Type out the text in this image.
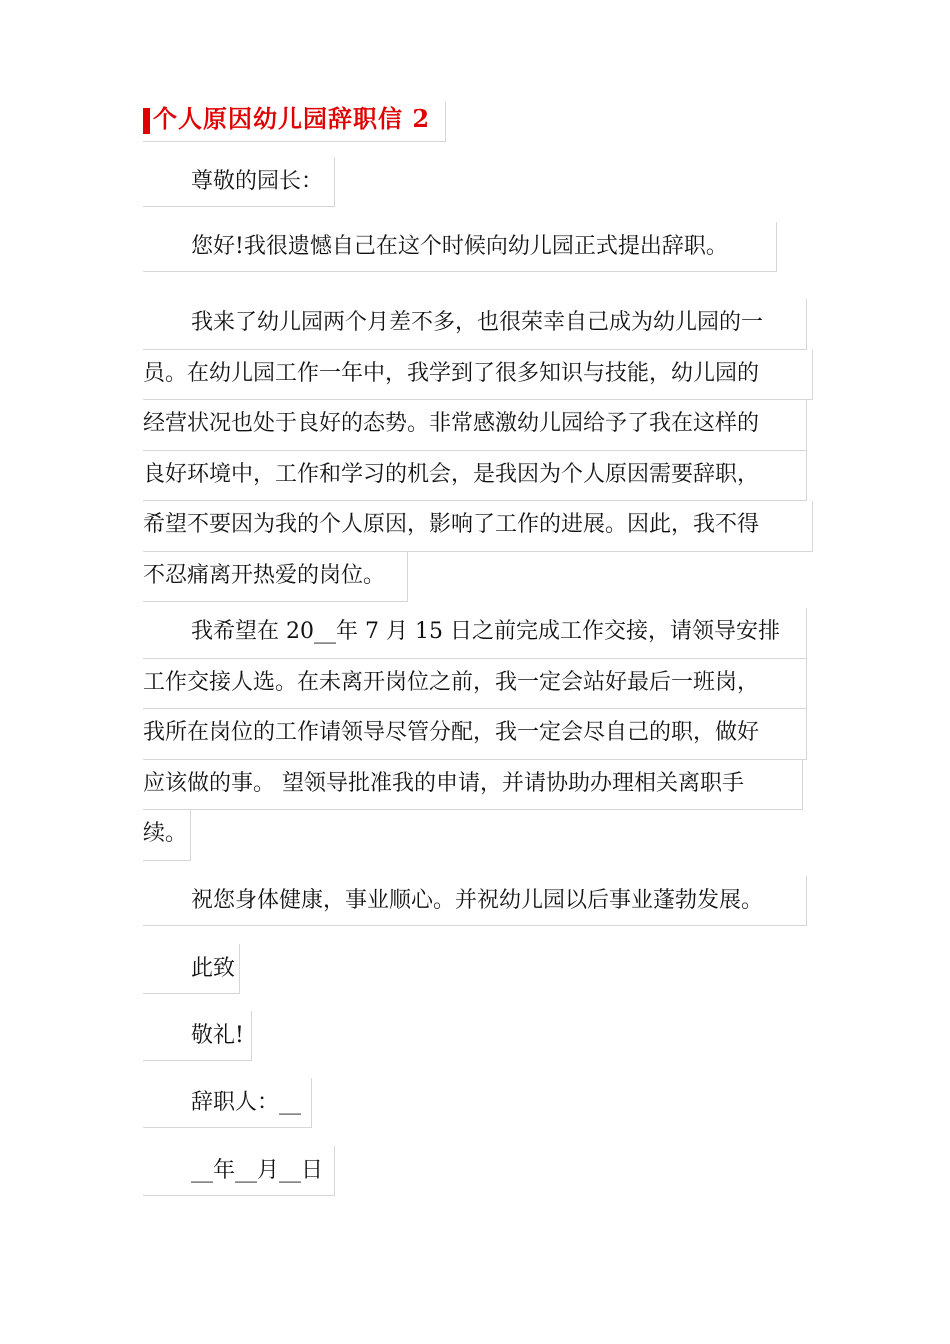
个人原因幼儿园辞职信 2
尊敬的园长：
您好!我很遗憾自己在这个时候向幼儿园正式提出辞职。
我来了幼儿园两个月差不多，也很荣幸自己成为幼儿园的一
员。在幼儿园工作一年中，我学到了很多知识与技能，幼儿园的
经营状况也处于良好的态势。非常感激幼儿园给予了我在这样的
良好环境中，工作和学习的机会，是我因为个人原因需要辞职，
希望不要因为我的个人原因，影响了工作的进展。因此，我不得
不忍痛离开热爱的岗位。
我希望在 20__年 7 月 15 日之前完成工作交接，请领导安排
工作交接人选。在未离开岗位之前，我一定会站好最后一班岗，
我所在岗位的工作请领导尽管分配，我一定会尽自己的职，做好
应该做的事。 望领导批准我的申请，并请协助办理相关离职手
续。
祝您身体健康，事业顺心。并祝幼儿园以后事业蓬勃发展。
此致
敬礼!
辞职人：__
__年__月__日
